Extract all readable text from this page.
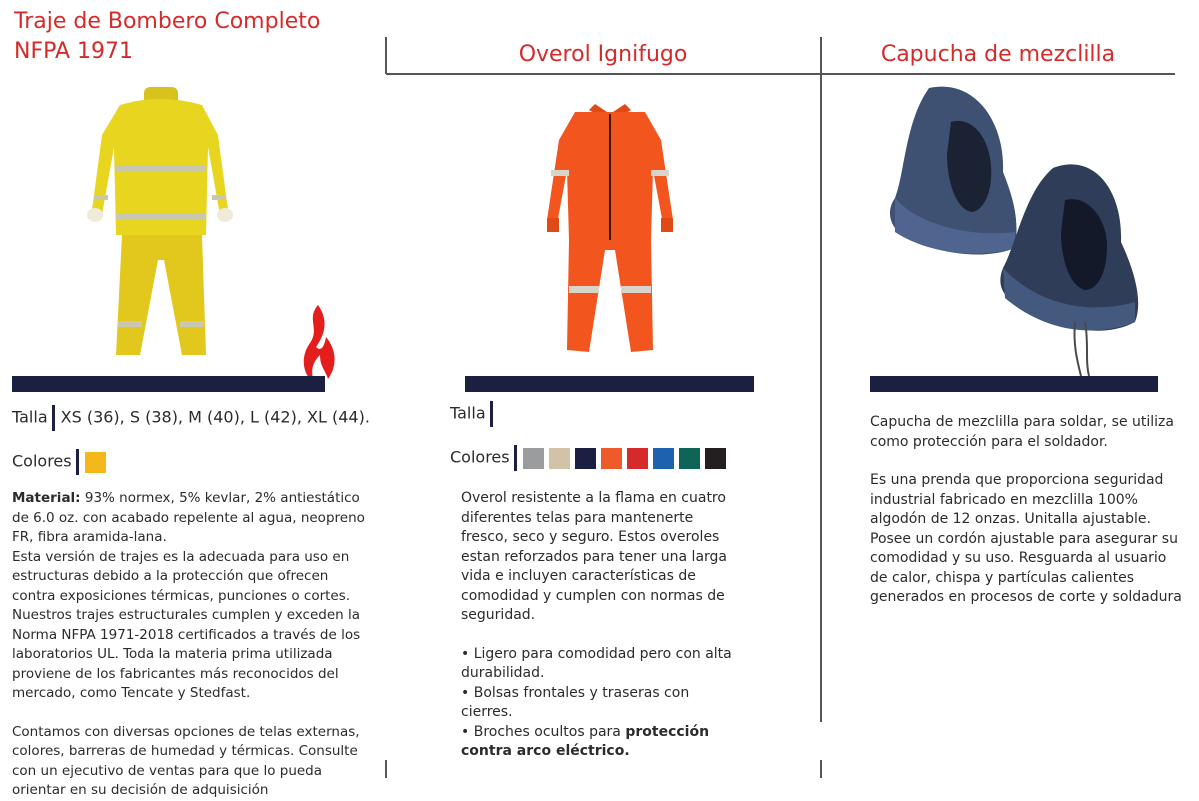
Traje de Bombero Completo
NFPA 1971
Talla XS (36), S (38), M (40), L (42), XL (44).
Colores

Material: 93% normex, 5% kevlar, 2% antiestático de 6.0 oz. con acabado repelente al agua, neopreno FR, fibra aramida-lana.

Esta versión de trajes es la adecuada para uso en estructuras debido a la protección que ofrecen contra exposiciones térmicas, punciones o cortes. Nuestros trajes estructurales cumplen y exceden la Norma NFPA 1971-2018 certificados a través de los laboratorios UL. Toda la materia prima utilizada proviene de los fabricantes más reconocidos del mercado, como Tencate y Stedfast.

Contamos con diversas opciones de telas externas, colores, barreras de humedad y térmicas. Consulte con un ejecutivo de ventas para que lo pueda orientar en su decisión de adquisición

Overol Ignifugo
Talla
Colores

Overol resistente a la flama en cuatro diferentes telas para mantenerte fresco, seco y seguro. Estos overoles estan reforzados para tener una larga vida e incluyen características de comodidad y cumplen con normas de seguridad.

• Ligero para comodidad pero con alta durabilidad.

• Bolsas frontales y traseras con cierres.

• Broches ocultos para protección contra arco eléctrico.

Capucha de mezclilla

Capucha de mezclilla para soldar, se utiliza como protección para el soldador.

Es una prenda que proporciona seguridad industrial fabricado en mezclilla 100% algodón de 12 onzas. Unitalla ajustable. Posee un cordón ajustable para asegurar su comodidad y su uso. Resguarda al usuario de calor, chispa y partículas calientes generados en procesos de corte y soldadura
